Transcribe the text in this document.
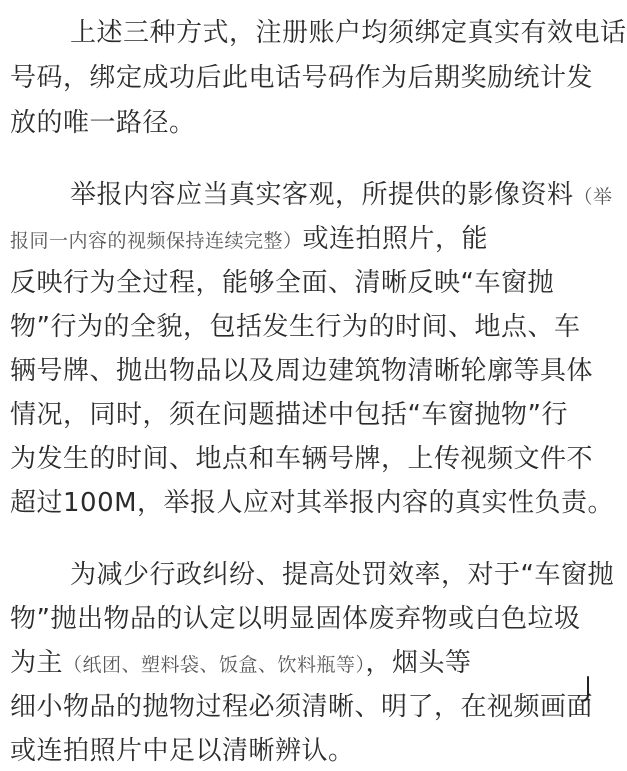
上述三种方式，注册账户均须绑定真实有效电话
号码，绑定成功后此电话号码作为后期奖励统计发
放的唯一路径。
举报内容应当真实客观，所提供的影像资料（举
报同一内容的视频保持连续完整）或连拍照片，能
反映行为全过程，能够全面、清晰反映“车窗抛
物”行为的全貌，包括发生行为的时间、地点、车
辆号牌、抛出物品以及周边建筑物清晰轮廓等具体
情况，同时，须在问题描述中包括“车窗抛物”行
为发生的时间、地点和车辆号牌，上传视频文件不
超过100M，举报人应对其举报内容的真实性负责。
为减少行政纠纷、提高处罚效率，对于“车窗抛
物”抛出物品的认定以明显固体废弃物或白色垃圾
为主（纸团、塑料袋、饭盒、饮料瓶等），烟头等
细小物品的抛物过程必须清晰、明了，在视频画面
或连拍照片中足以清晰辨认。
